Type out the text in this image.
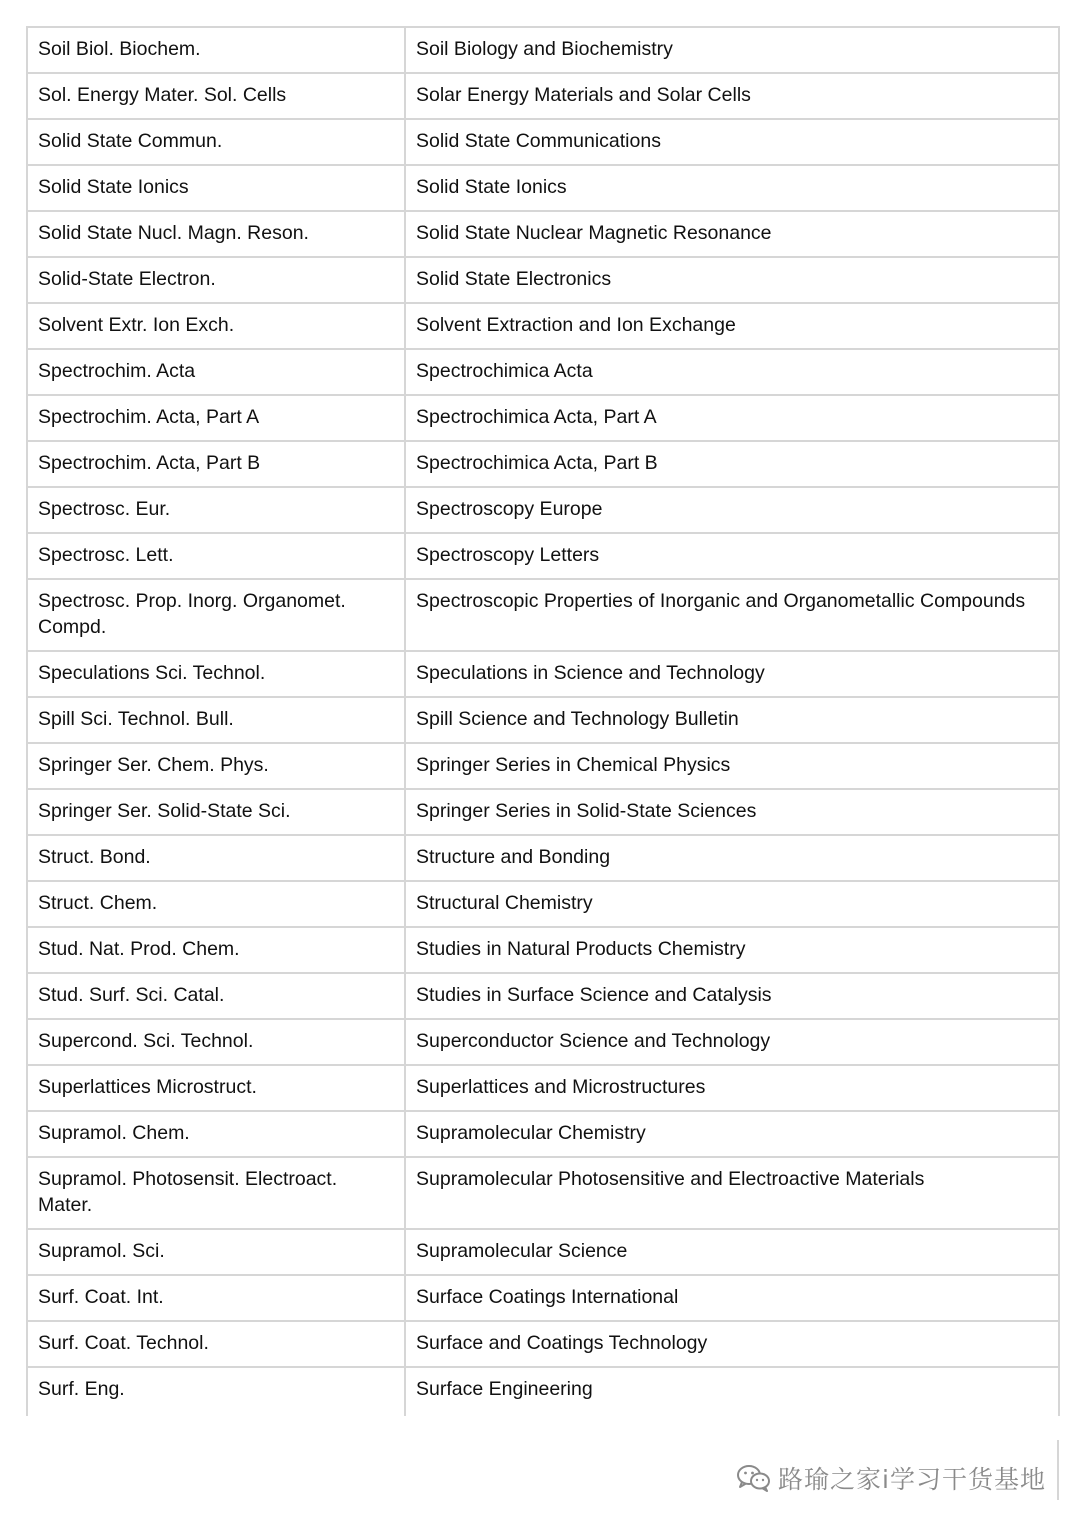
Soil Biol. Biochem.	Soil Biology and Biochemistry
Sol. Energy Mater. Sol. Cells	Solar Energy Materials and Solar Cells
Solid State Commun.	Solid State Communications
Solid State Ionics	Solid State Ionics
Solid State Nucl. Magn. Reson.	Solid State Nuclear Magnetic Resonance
Solid-State Electron.	Solid State Electronics
Solvent Extr. Ion Exch.	Solvent Extraction and Ion Exchange
Spectrochim. Acta	Spectrochimica Acta
Spectrochim. Acta, Part A	Spectrochimica Acta, Part A
Spectrochim. Acta, Part B	Spectrochimica Acta, Part B
Spectrosc. Eur.	Spectroscopy Europe
Spectrosc. Lett.	Spectroscopy Letters
Spectrosc. Prop. Inorg. Organomet. Compd.	Spectroscopic Properties of Inorganic and Organometallic Compounds
Speculations Sci. Technol.	Speculations in Science and Technology
Spill Sci. Technol. Bull.	Spill Science and Technology Bulletin
Springer Ser. Chem. Phys.	Springer Series in Chemical Physics
Springer Ser. Solid-State Sci.	Springer Series in Solid-State Sciences
Struct. Bond.	Structure and Bonding
Struct. Chem.	Structural Chemistry
Stud. Nat. Prod. Chem.	Studies in Natural Products Chemistry
Stud. Surf. Sci. Catal.	Studies in Surface Science and Catalysis
Supercond. Sci. Technol.	Superconductor Science and Technology
Superlattices Microstruct.	Superlattices and Microstructures
Supramol. Chem.	Supramolecular Chemistry
Supramol. Photosensit. Electroact. Mater.	Supramolecular Photosensitive and Electroactive Materials
Supramol. Sci.	Supramolecular Science
Surf. Coat. Int.	Surface Coatings International
Surf. Coat. Technol.	Surface and Coatings Technology
Surf. Eng.	Surface Engineering
路瑜之家i学习干货基地
